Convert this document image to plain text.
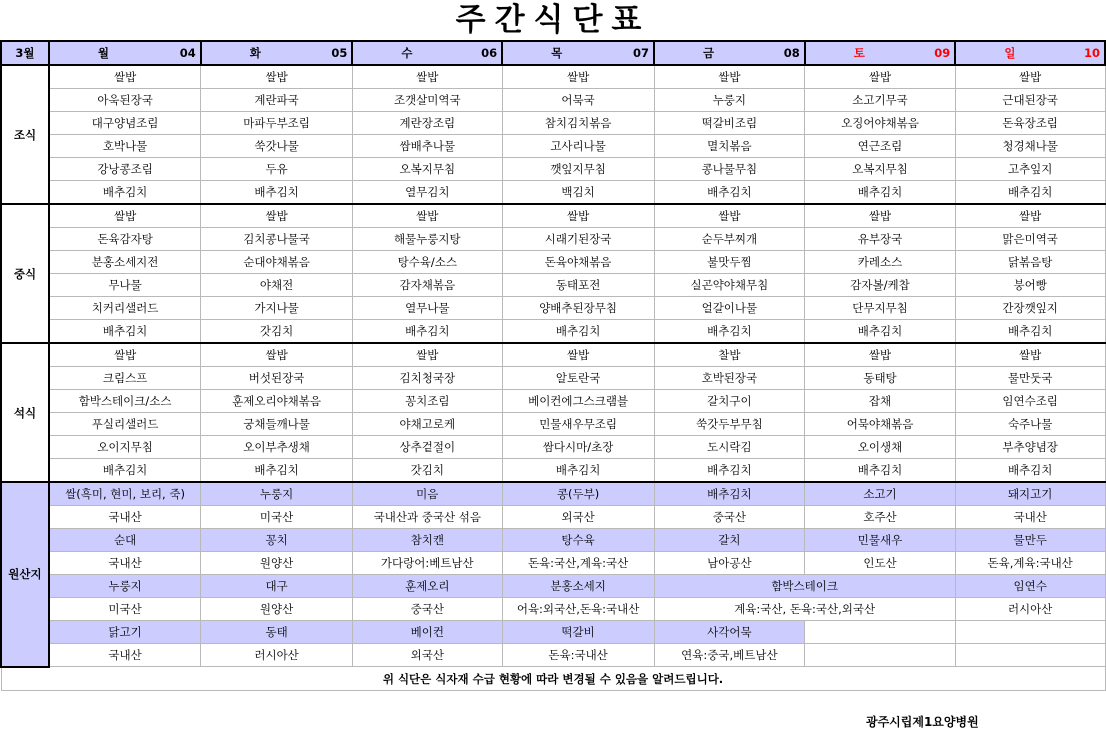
주간식단표
3월	월 04	화 05	수 06	목 07	금 08	토 09	일 10

조식	쌀밥	쌀밥	쌀밥	쌀밥	쌀밥	쌀밥	쌀밥
	아욱된장국	계란파국	조갯살미역국	어묵국	누룽지	소고기무국	근대된장국
	대구양념조림	마파두부조림	계란장조림	참치김치볶음	떡갈비조림	오징어야채볶음	돈육장조림
	호박나물	쑥갓나물	쌈배추나물	고사리나물	멸치볶음	연근조림	청경채나물
	강낭콩조림	두유	오복지무침	깻잎지무침	콩나물무침	오복지무침	고추잎지
	배추김치	배추김치	열무김치	백김치	배추김치	배추김치	배추김치
중식	쌀밥	쌀밥	쌀밥	쌀밥	쌀밥	쌀밥	쌀밥
	돈육감자탕	김치콩나물국	해물누룽지탕	시래기된장국	순두부찌개	유부장국	맑은미역국
	분홍소세지전	순대야채볶음	탕수육/소스	돈육야채볶음	불맛두찜	카레소스	닭볶음탕
	무나물	야채전	감자채볶음	동태포전	실곤약야채무침	감자볼/케찹	붕어빵
	치커리샐러드	가지나물	열무나물	양배추된장무침	얼갈이나물	단무지무침	간장깻잎지
	배추김치	갓김치	배추김치	배추김치	배추김치	배추김치	배추김치
석식	쌀밥	쌀밥	쌀밥	쌀밥	찰밥	쌀밥	쌀밥
	크림스프	버섯된장국	김치청국장	알토란국	호박된장국	동태탕	물만둣국
	함박스테이크/소스	훈제오리야채볶음	꽁치조림	베이컨에그스크램블	갈치구이	잡채	임연수조림
	푸실리샐러드	궁채들깨나물	야채고로케	민물새우무조림	쑥갓두부무침	어묵야채볶음	숙주나물
	오이지무침	오이부추생채	상추겉절이	쌈다시마/초장	도시락김	오이생채	부추양념장
	배추김치	배추김치	갓김치	배추김치	배추김치	배추김치	배추김치
원산지	쌀(흑미, 현미, 보리, 죽)	누룽지	미음	콩(두부)	배추김치	소고기	돼지고기
	국내산	미국산	국내산과 중국산 섞음	외국산	중국산	호주산	국내산
	순대	꽁치	참치캔	탕수육	갈치	민물새우	물만두
	국내산	원양산	가다랑어:베트남산	돈육:국산,계육:국산	남아공산	인도산	돈육,계육:국내산
	누룽지	대구	훈제오리	분홍소세지	함박스테이크		임연수
	미국산	원양산	중국산	어육:외국산,돈육:국내산	계육:국산, 돈육:국산,외국산		러시아산
	닭고기	동태	베이컨	떡갈비	사각어묵		
	국내산	러시아산	외국산	돈육:국내산	연육:중국,베트남산		
위 식단은 식자재 수급 현황에 따라 변경될 수 있음을 알려드립니다.							
광주시립제1요양병원
